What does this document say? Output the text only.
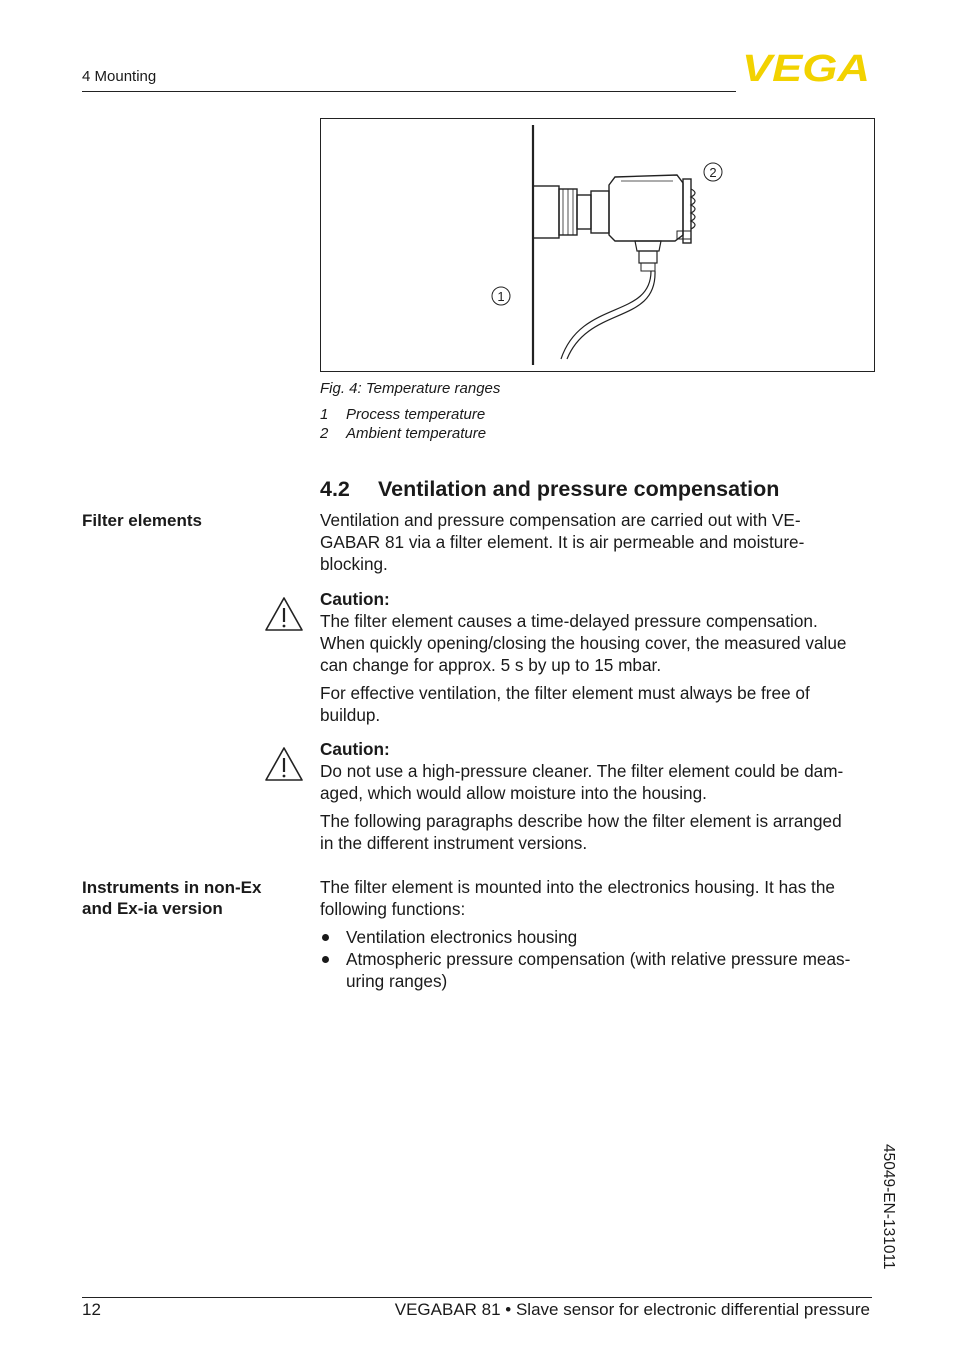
4 Mounting	VEGA
1
2
Fig. 4: Temperature ranges
1 Process temperature
2 Ambient temperature
4.2 Ventilation and pressure compensation
Filter elements	Ventilation and pressure compensation are carried out with VE-

GABAR 81 via a filter element. It is air permeable and moisture-

blocking.

Caution:

The filter element causes a time-delayed pressure compensation.

When quickly opening/closing the housing cover, the measured value

can change for approx. 5 s by up to 15 mbar.

For effective ventilation, the filter element must always be free of

buildup.

Caution:

Do not use a high-pressure cleaner. The filter element could be dam-

aged, which would allow moisture into the housing.

The following paragraphs describe how the filter element is arranged

in the different instrument versions.

Instruments in non-Ex
and Ex-ia version

The filter element is mounted into the electronics housing. It has the

following functions:

Ventilation electronics housing
Atmospheric pressure compensation (with relative pressure meas-
uring ranges)
45049-EN-131011
12	VEGABAR 81 • Slave sensor for electronic differential pressure
